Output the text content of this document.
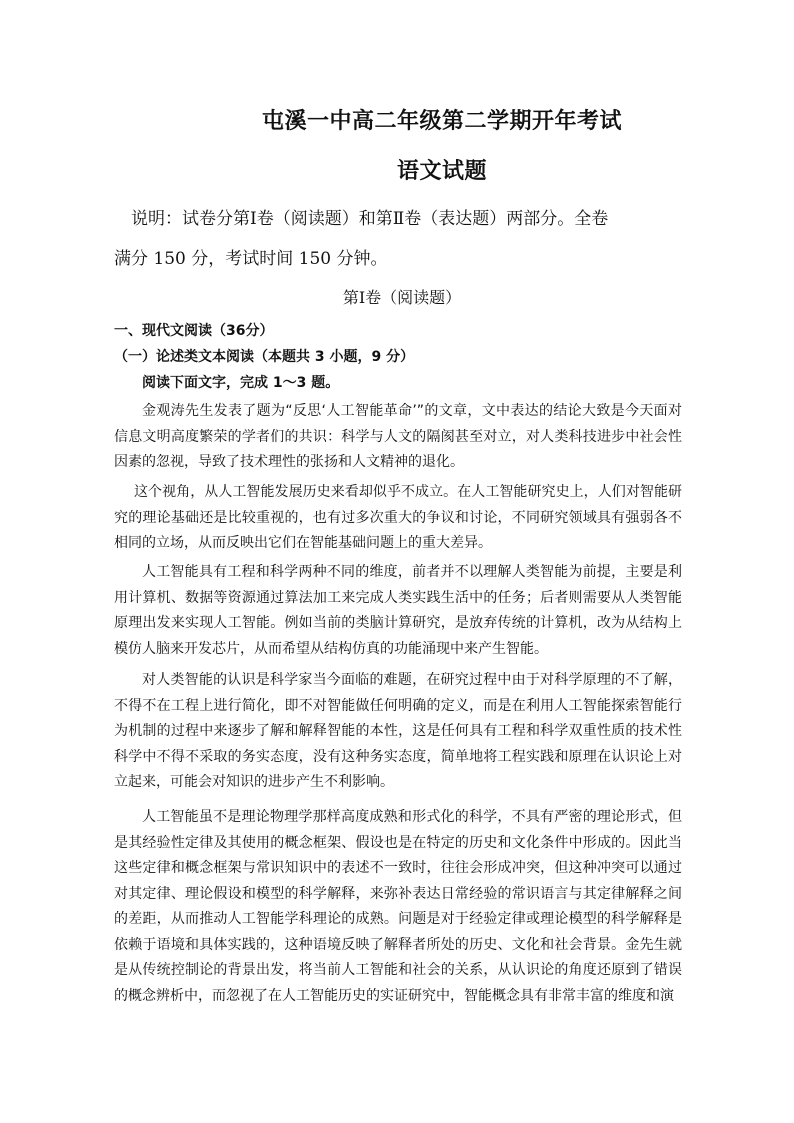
屯溪一中高二年级第二学期开年考试
语文试题
说明：试卷分第Ⅰ卷（阅读题）和第Ⅱ卷（表达题）两部分。全卷
满分 150 分，考试时间 150 分钟。
第Ⅰ卷（阅读题）
一、现代文阅读（36分）
（一）论述类文本阅读（本题共 3 小题，9 分）
阅读下面文字，完成 1～3 题。
金观涛先生发表了题为“反思‘人工智能革命’”的文章，文中表达的结论大致是今天面对信息文明高度繁荣的学者们的共识：科学与人文的隔阂甚至对立，对人类科技进步中社会性因素的忽视，导致了技术理性的张扬和人文精神的退化。
这个视角，从人工智能发展历史来看却似乎不成立。在人工智能研究史上，人们对智能研究的理论基础还是比较重视的，也有过多次重大的争议和讨论，不同研究领域具有强弱各不相同的立场，从而反映出它们在智能基础问题上的重大差异。
人工智能具有工程和科学两种不同的维度，前者并不以理解人类智能为前提，主要是利用计算机、数据等资源通过算法加工来完成人类实践生活中的任务；后者则需要从人类智能原理出发来实现人工智能。例如当前的类脑计算研究，是放弃传统的计算机，改为从结构上模仿人脑来开发芯片，从而希望从结构仿真的功能涌现中来产生智能。
对人类智能的认识是科学家当今面临的难题，在研究过程中由于对科学原理的不了解，不得不在工程上进行简化，即不对智能做任何明确的定义，而是在利用人工智能探索智能行为机制的过程中来逐步了解和解释智能的本性，这是任何具有工程和科学双重性质的技术性科学中不得不采取的务实态度，没有这种务实态度，简单地将工程实践和原理在认识论上对立起来，可能会对知识的进步产生不利影响。
人工智能虽不是理论物理学那样高度成熟和形式化的科学，不具有严密的理论形式，但是其经验性定律及其使用的概念框架、假设也是在特定的历史和文化条件中形成的。因此当这些定律和概念框架与常识知识中的表述不一致时，往往会形成冲突，但这种冲突可以通过对其定律、理论假设和模型的科学解释，来弥补表达日常经验的常识语言与其定律解释之间的差距，从而推动人工智能学科理论的成熟。问题是对于经验定律或理论模型的科学解释是依赖于语境和具体实践的，这种语境反映了解释者所处的历史、文化和社会背景。金先生就是从传统控制论的背景出发，将当前人工智能和社会的关系，从认识论的角度还原到了错误的概念辨析中，而忽视了在人工智能历史的实证研究中，智能概念具有非常丰富的维度和演
